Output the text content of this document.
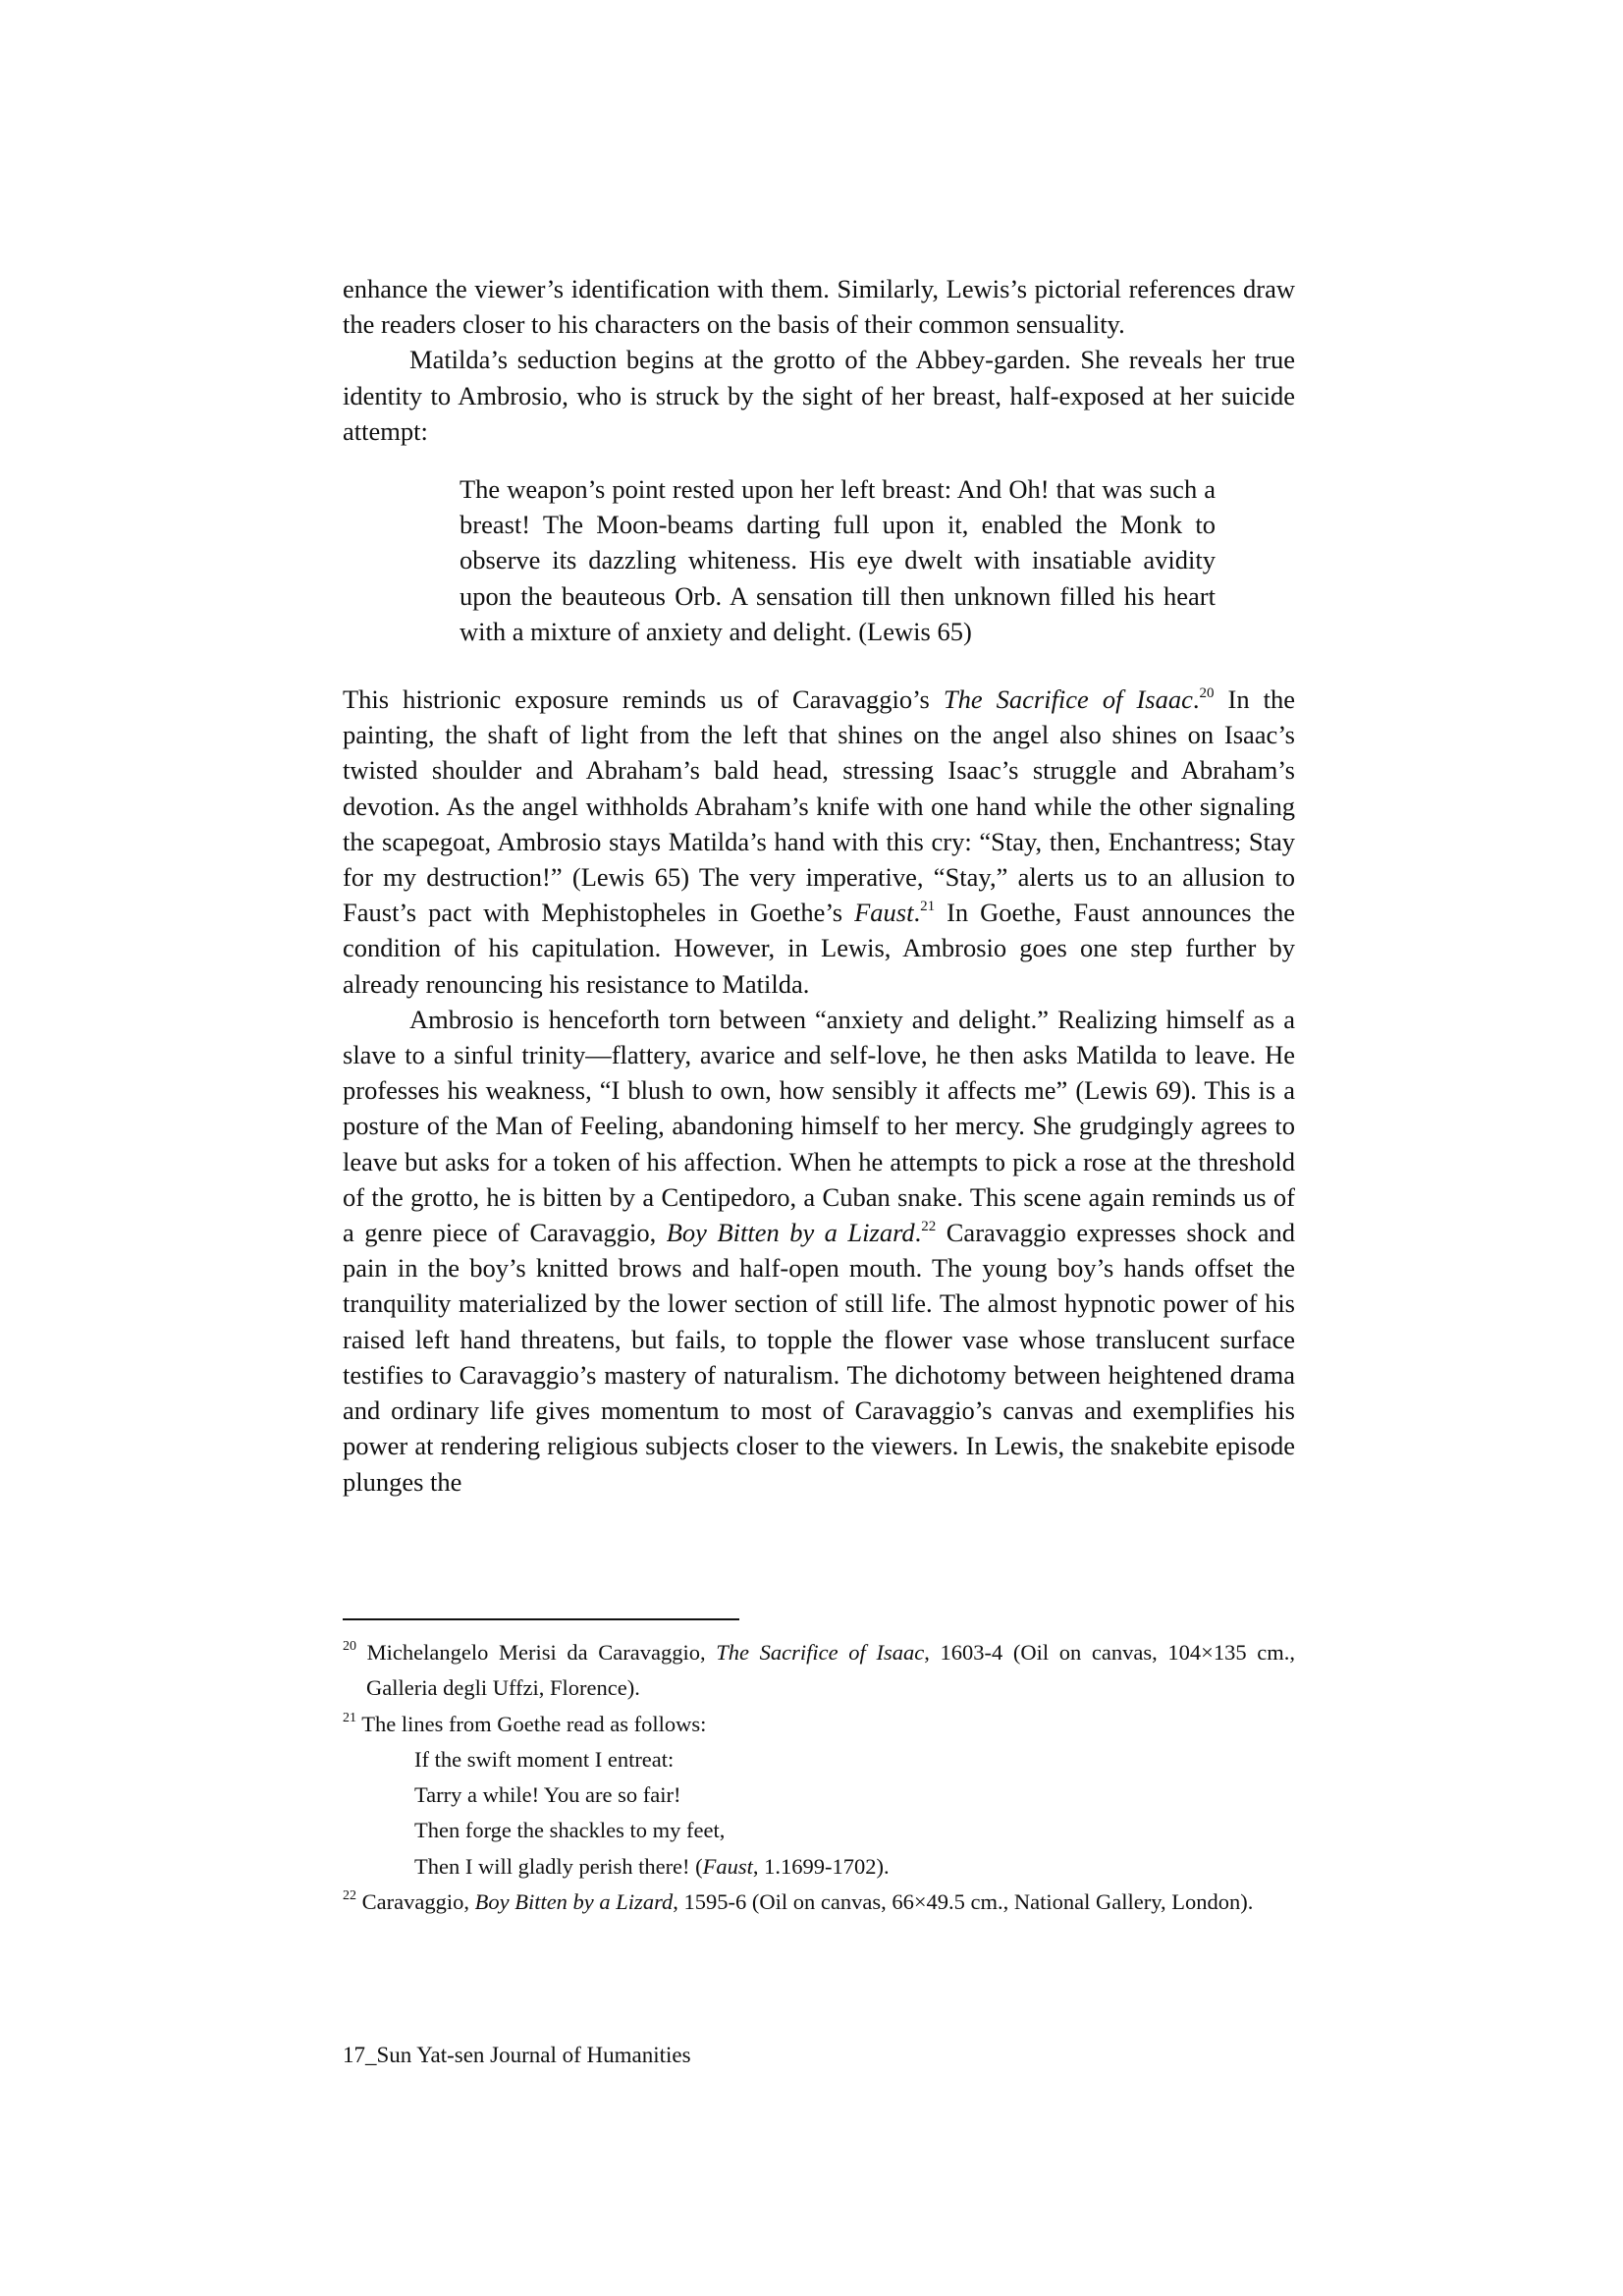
enhance the viewer’s identification with them. Similarly, Lewis’s pictorial references draw the readers closer to his characters on the basis of their common sensuality.

Matilda’s seduction begins at the grotto of the Abbey-garden. She reveals her true identity to Ambrosio, who is struck by the sight of her breast, half-exposed at her suicide attempt:

The weapon’s point rested upon her left breast: And Oh! that was such a breast! The Moon-beams darting full upon it, enabled the Monk to observe its dazzling whiteness. His eye dwelt with insatiable avidity upon the beauteous Orb. A sensation till then unknown filled his heart with a mixture of anxiety and delight. (Lewis 65)

This histrionic exposure reminds us of Caravaggio’s The Sacrifice of Isaac.$^{20}$ In the painting, the shaft of light from the left that shines on the angel also shines on Isaac’s twisted shoulder and Abraham’s bald head, stressing Isaac’s struggle and Abraham’s devotion. As the angel withholds Abraham’s knife with one hand while the other signaling the scapegoat, Ambrosio stays Matilda’s hand with this cry: “Stay, then, Enchantress; Stay for my destruction!” (Lewis 65) The very imperative, “Stay,” alerts us to an allusion to Faust’s pact with Mephistopheles in Goethe’s Faust.$^{21}$ In Goethe, Faust announces the condition of his capitulation. However, in Lewis, Ambrosio goes one step further by already renouncing his resistance to Matilda.

Ambrosio is henceforth torn between “anxiety and delight.” Realizing himself as a slave to a sinful trinity—flattery, avarice and self-love, he then asks Matilda to leave. He professes his weakness, “I blush to own, how sensibly it affects me” (Lewis 69). This is a posture of the Man of Feeling, abandoning himself to her mercy. She grudgingly agrees to leave but asks for a token of his affection. When he attempts to pick a rose at the threshold of the grotto, he is bitten by a Centipedoro, a Cuban snake. This scene again reminds us of a genre piece of Caravaggio, Boy Bitten by a Lizard.$^{22}$ Caravaggio expresses shock and pain in the boy’s knitted brows and half-open mouth. The young boy’s hands offset the tranquility materialized by the lower section of still life. The almost hypnotic power of his raised left hand threatens, but fails, to topple the flower vase whose translucent surface testifies to Caravaggio’s mastery of naturalism. The dichotomy between heightened drama and ordinary life gives momentum to most of Caravaggio’s canvas and exemplifies his power at rendering religious subjects closer to the viewers. In Lewis, the snakebite episode plunges the

$^{20}$ Michelangelo Merisi da Caravaggio, The Sacrifice of Isaac, 1603-4 (Oil on canvas, 104×135 cm., Galleria degli Uffzi, Florence).
$^{21}$ The lines from Goethe read as follows:
If the swift moment I entreat:
Tarry a while! You are so fair!
Then forge the shackles to my feet,
Then I will gladly perish there! (Faust, 1.1699-1702).
$^{22}$ Caravaggio, Boy Bitten by a Lizard, 1595-6 (Oil on canvas, 66×49.5 cm., National Gallery, London).
17_Sun Yat-sen Journal of Humanities
